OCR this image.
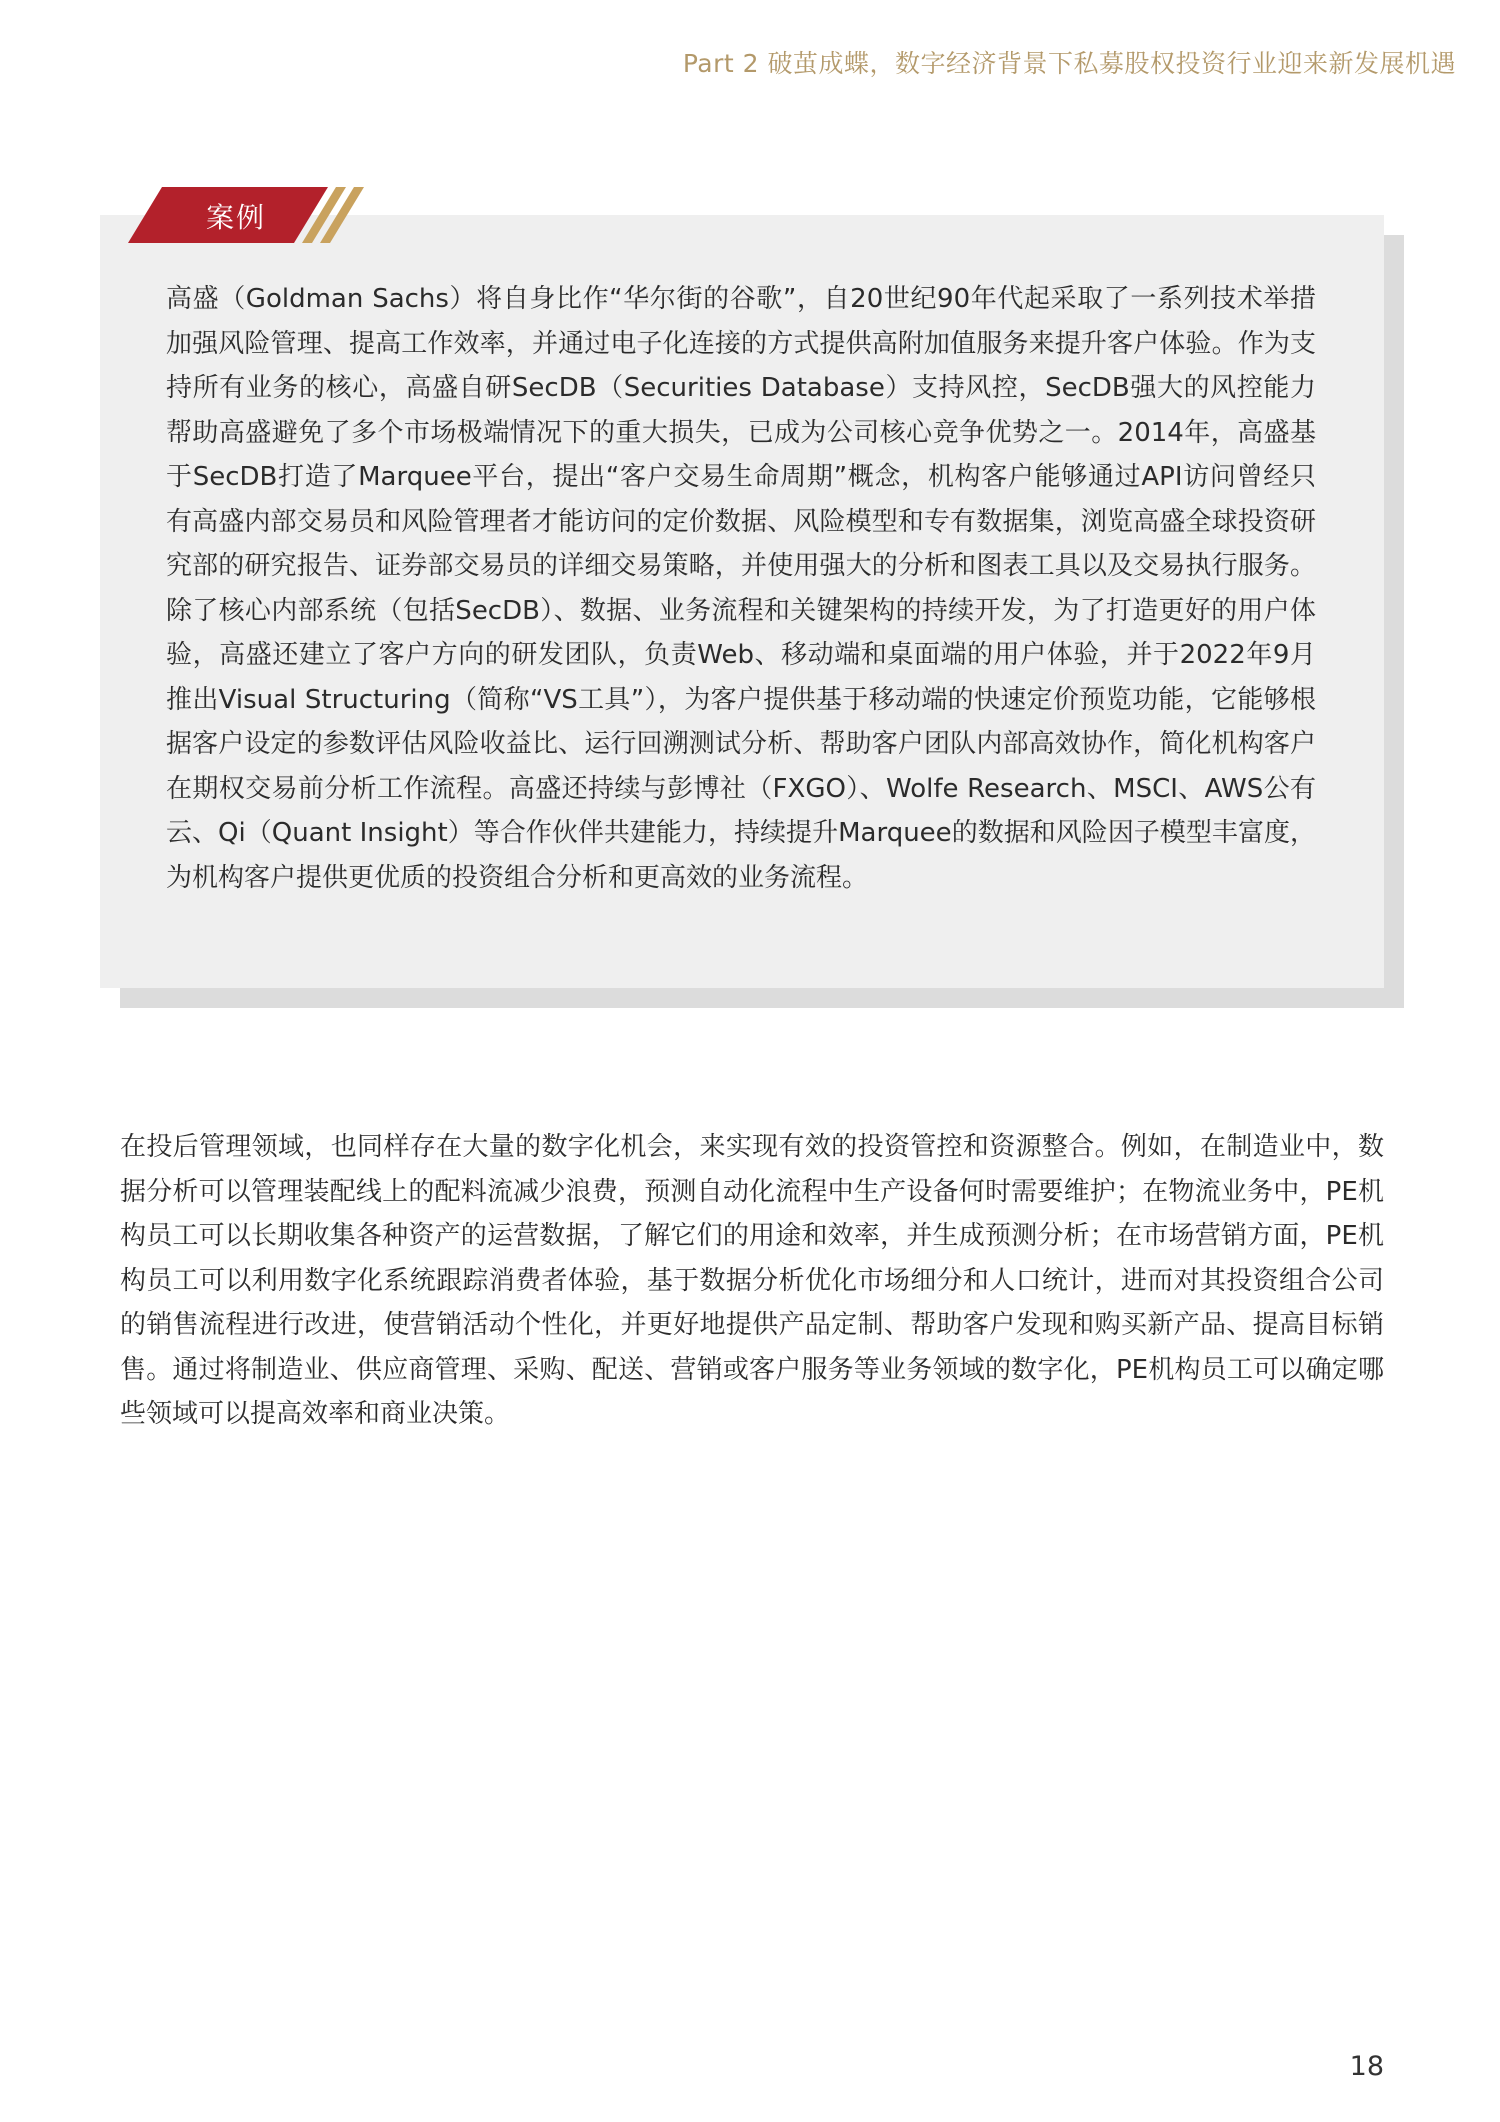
Part 2 破茧成蝶，数字经济背景下私募股权投资行业迎来新发展机遇
案例

高盛（Goldman Sachs）将自身比作“华尔街的谷歌”，自20世纪90年代起采取了一系列技术举措加强风险管理、提高工作效率，并通过电子化连接的方式提供高附加值服务来提升客户体验。作为支持所有业务的核心，高盛自研SecDB（Securities Database）支持风控，SecDB强大的风控能力帮助高盛避免了多个市场极端情况下的重大损失，已成为公司核心竞争优势之一。2014年，高盛基于SecDB打造了Marquee平台，提出“客户交易生命周期”概念，机构客户能够通过API访问曾经只有高盛内部交易员和风险管理者才能访问的定价数据、风险模型和专有数据集，浏览高盛全球投资研究部的研究报告、证券部交易员的详细交易策略，并使用强大的分析和图表工具以及交易执行服务。除了核心内部系统（包括SecDB）、数据、业务流程和关键架构的持续开发，为了打造更好的用户体验，高盛还建立了客户方向的研发团队，负责Web、移动端和桌面端的用户体验，并于2022年9月推出Visual Structuring（简称“VS工具”），为客户提供基于移动端的快速定价预览功能，它能够根据客户设定的参数评估风险收益比、运行回溯测试分析、帮助客户团队内部高效协作，简化机构客户在期权交易前分析工作流程。高盛还持续与彭博社（FXGO）、Wolfe Research、MSCI、AWS公有云、Qi（Quant Insight）等合作伙伴共建能力，持续提升Marquee的数据和风险因子模型丰富度，为机构客户提供更优质的投资组合分析和更高效的业务流程。

在投后管理领域，也同样存在大量的数字化机会，来实现有效的投资管控和资源整合。例如，在制造业中，数据分析可以管理装配线上的配料流减少浪费，预测自动化流程中生产设备何时需要维护；在物流业务中，PE机构员工可以长期收集各种资产的运营数据，了解它们的用途和效率，并生成预测分析；在市场营销方面，PE机构员工可以利用数字化系统跟踪消费者体验，基于数据分析优化市场细分和人口统计，进而对其投资组合公司的销售流程进行改进，使营销活动个性化，并更好地提供产品定制、帮助客户发现和购买新产品、提高目标销售。通过将制造业、供应商管理、采购、配送、营销或客户服务等业务领域的数字化，PE机构员工可以确定哪些领域可以提高效率和商业决策。

18
